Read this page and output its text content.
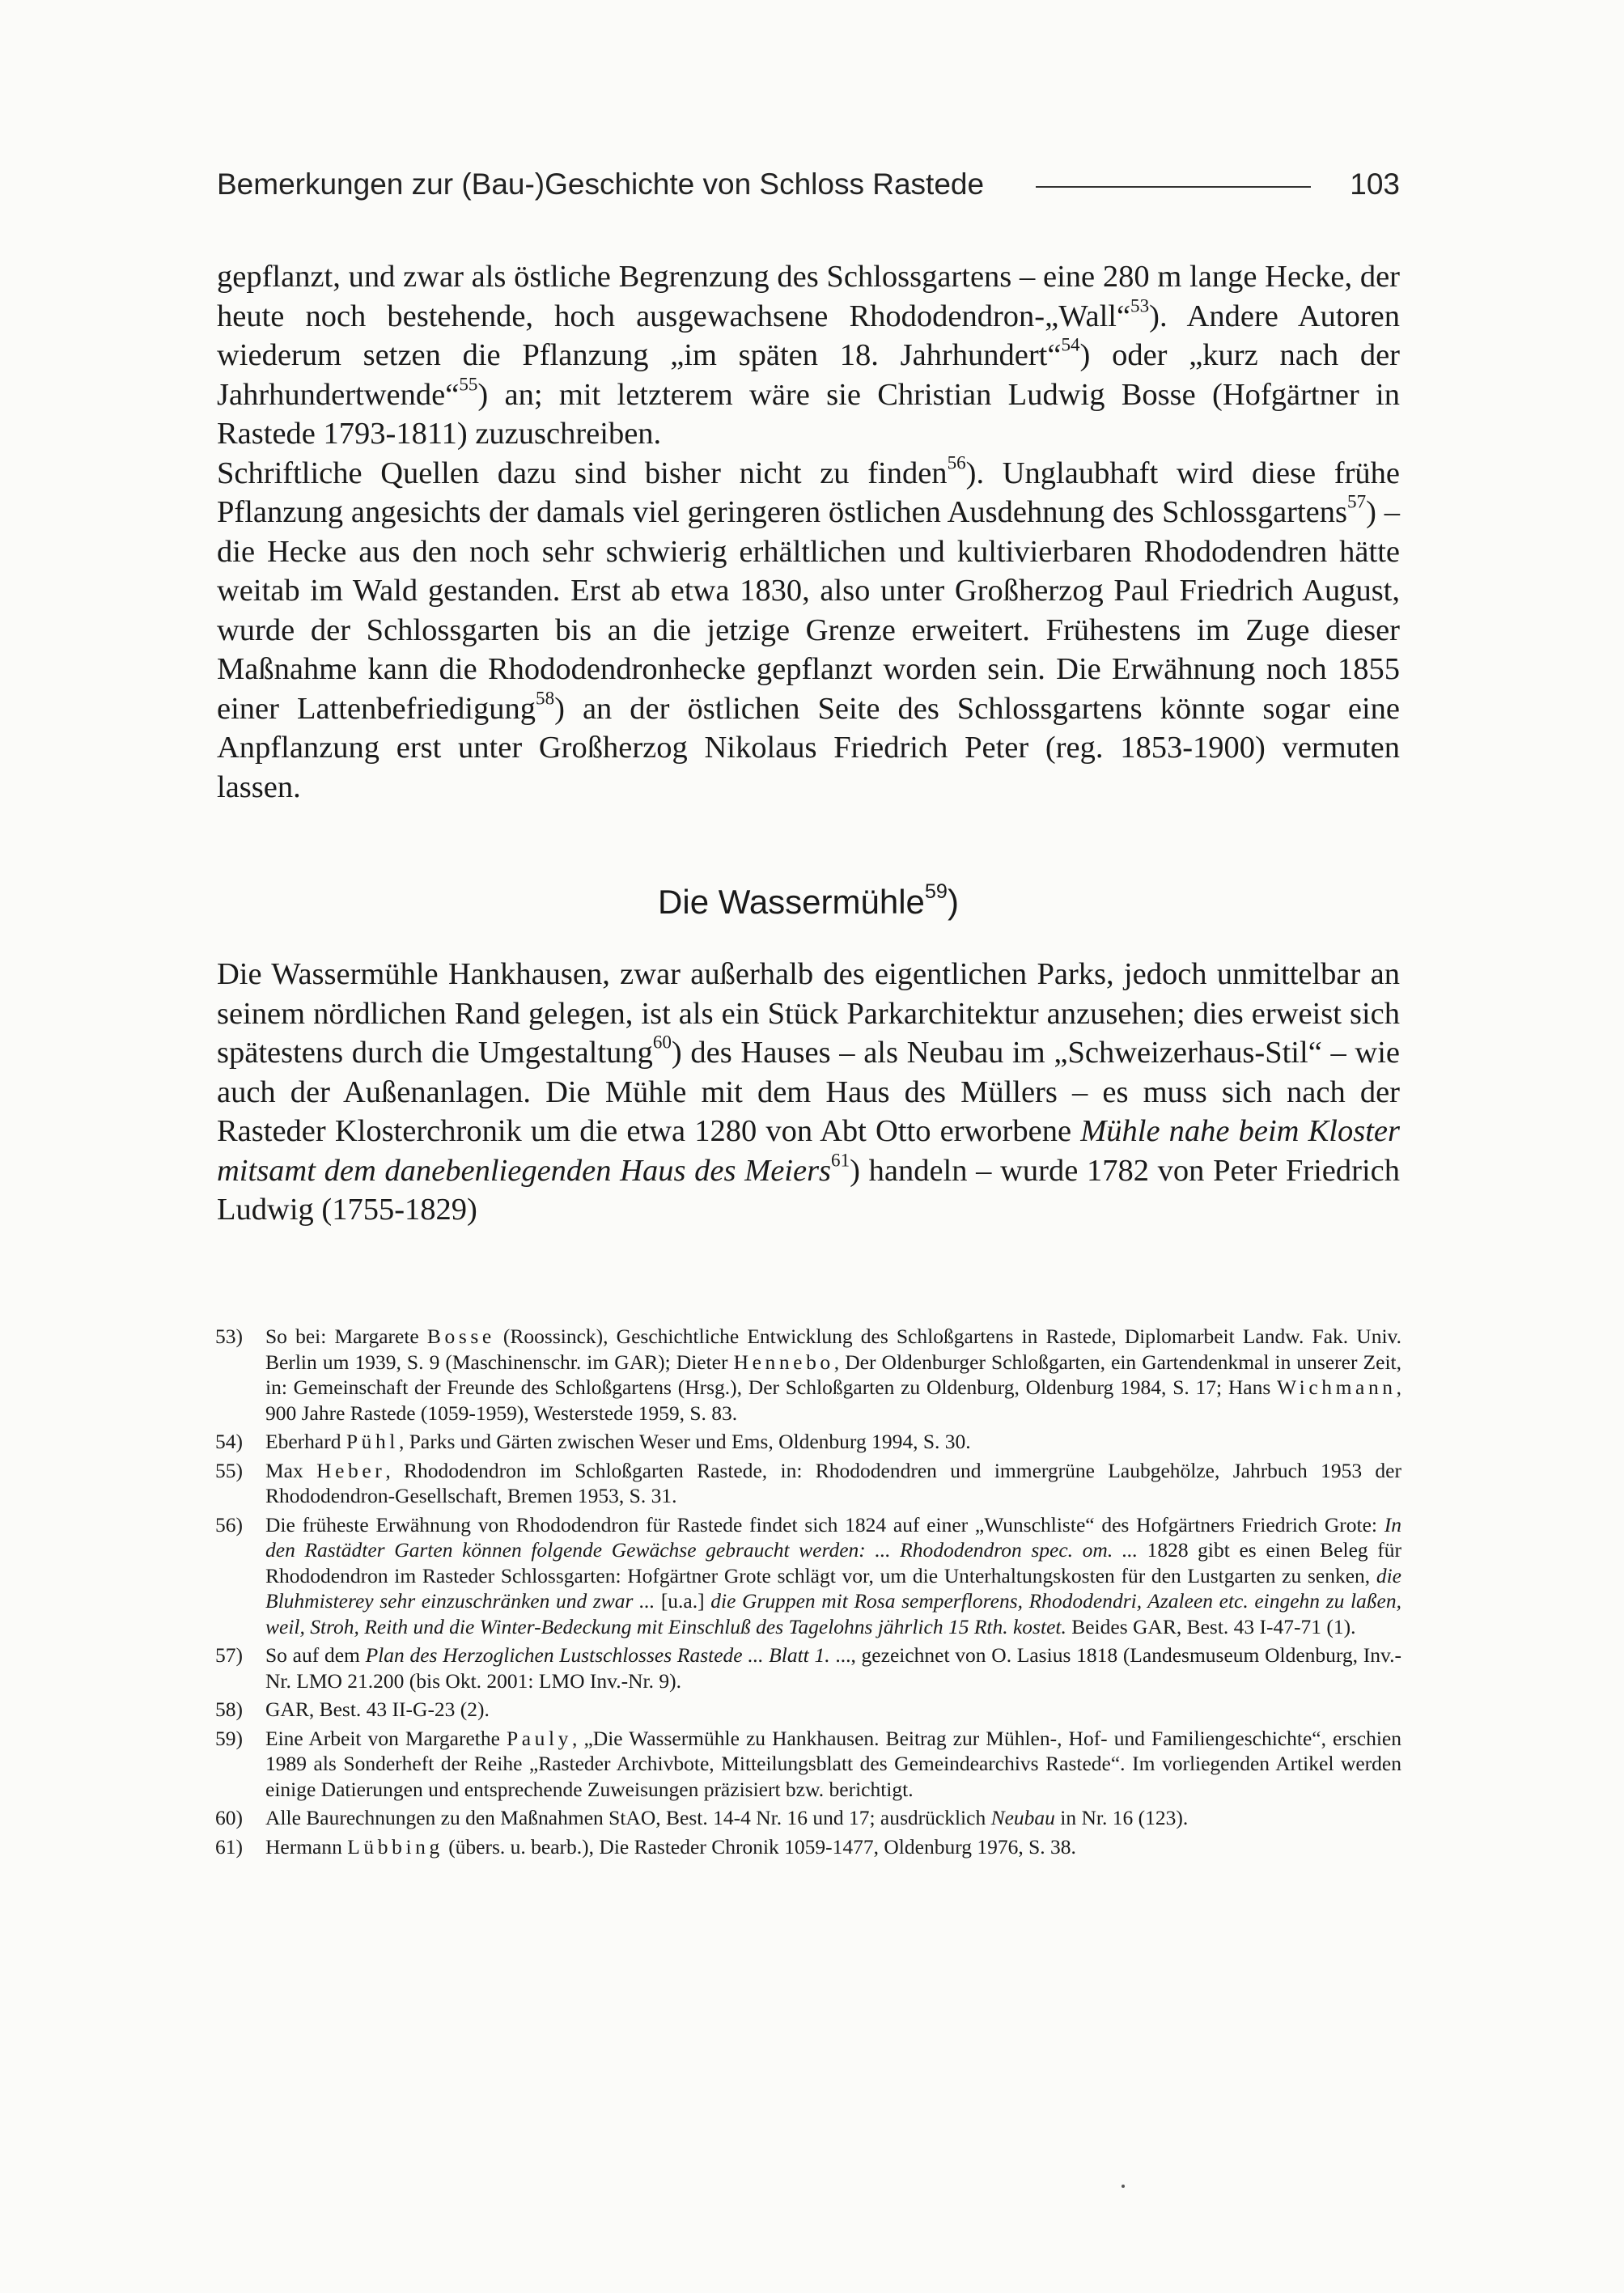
Bemerkungen zur (Bau-)Geschichte von Schloss Rastede	103

gepflanzt, und zwar als östliche Begrenzung des Schlossgartens – eine 280 m lange Hecke, der heute noch bestehende, hoch ausgewachsene Rhododendron-„Wall“$^{53}$). Andere Autoren wiederum setzen die Pflanzung „im späten 18. Jahrhundert“$^{54}$) oder „kurz nach der Jahrhundertwende“$^{55}$) an; mit letzterem wäre sie Christian Ludwig Bosse (Hofgärtner in Rastede 1793-1811) zuzuschreiben.

Schriftliche Quellen dazu sind bisher nicht zu finden$^{56}$). Unglaubhaft wird diese frühe Pflanzung angesichts der damals viel geringeren östlichen Ausdehnung des Schlossgartens$^{57}$) – die Hecke aus den noch sehr schwierig erhältlichen und kultivierbaren Rhododendren hätte weitab im Wald gestanden. Erst ab etwa 1830, also unter Großherzog Paul Friedrich August, wurde der Schlossgarten bis an die jetzige Grenze erweitert. Frühestens im Zuge dieser Maßnahme kann die Rhododendronhecke gepflanzt worden sein. Die Erwähnung noch 1855 einer Lattenbefriedigung$^{58}$) an der östlichen Seite des Schlossgartens könnte sogar eine Anpflanzung erst unter Großherzog Nikolaus Friedrich Peter (reg. 1853-1900) vermuten lassen.

Die Wassermühle$^{59}$)

Die Wassermühle Hankhausen, zwar außerhalb des eigentlichen Parks, jedoch unmittelbar an seinem nördlichen Rand gelegen, ist als ein Stück Parkarchitektur anzusehen; dies erweist sich spätestens durch die Umgestaltung$^{60}$) des Hauses – als Neubau im „Schweizerhaus-Stil“ – wie auch der Außenanlagen. Die Mühle mit dem Haus des Müllers – es muss sich nach der Rasteder Klosterchronik um die etwa 1280 von Abt Otto erworbene Mühle nahe beim Kloster mitsamt dem danebenliegenden Haus des Meiers$^{61}$) handeln – wurde 1782 von Peter Friedrich Ludwig (1755-1829)

53)	So bei: Margarete Bosse (Roossinck), Geschichtliche Entwicklung des Schloßgartens in Rastede, Diplomarbeit Landw. Fak. Univ. Berlin um 1939, S. 9 (Maschinenschr. im GAR); Dieter Hennebo, Der Oldenburger Schloßgarten, ein Gartendenkmal in unserer Zeit, in: Gemeinschaft der Freunde des Schloßgartens (Hrsg.), Der Schloßgarten zu Oldenburg, Oldenburg 1984, S. 17; Hans Wichmann, 900 Jahre Rastede (1059-1959), Westerstede 1959, S. 83.
54)	Eberhard Pühl, Parks und Gärten zwischen Weser und Ems, Oldenburg 1994, S. 30.
55)	Max Heber, Rhododendron im Schloßgarten Rastede, in: Rhododendren und immergrüne Laubgehölze, Jahrbuch 1953 der Rhododendron-Gesellschaft, Bremen 1953, S. 31.
56)	Die früheste Erwähnung von Rhododendron für Rastede findet sich 1824 auf einer „Wunschliste“ des Hofgärtners Friedrich Grote: In den Rastädter Garten können folgende Gewächse gebraucht werden: ... Rhododendron spec. om. ... 1828 gibt es einen Beleg für Rhododendron im Rasteder Schlossgarten: Hofgärtner Grote schlägt vor, um die Unterhaltungskosten für den Lustgarten zu senken, die Bluhmisterey sehr einzuschränken und zwar ... [u.a.] die Gruppen mit Rosa semperflorens, Rhododendri, Azaleen etc. eingehn zu laßen, weil, Stroh, Reith und die Winter-Bedeckung mit Einschluß des Tagelohns jährlich 15 Rth. kostet. Beides GAR, Best. 43 I-47-71 (1).
57)	So auf dem Plan des Herzoglichen Lustschlosses Rastede ... Blatt 1. ..., gezeichnet von O. Lasius 1818 (Landesmuseum Oldenburg, Inv.-Nr. LMO 21.200 (bis Okt. 2001: LMO Inv.-Nr. 9).
58)	GAR, Best. 43 II-G-23 (2).
59)	Eine Arbeit von Margarethe Pauly, „Die Wassermühle zu Hankhausen. Beitrag zur Mühlen-, Hof- und Familiengeschichte“, erschien 1989 als Sonderheft der Reihe „Rasteder Archivbote, Mitteilungsblatt des Gemeindearchivs Rastede“. Im vorliegenden Artikel werden einige Datierungen und entsprechende Zuweisungen präzisiert bzw. berichtigt.
60)	Alle Baurechnungen zu den Maßnahmen StAO, Best. 14-4 Nr. 16 und 17; ausdrücklich Neubau in Nr. 16 (123).
61)	Hermann Lübbing (übers. u. bearb.), Die Rasteder Chronik 1059-1477, Oldenburg 1976, S. 38.
